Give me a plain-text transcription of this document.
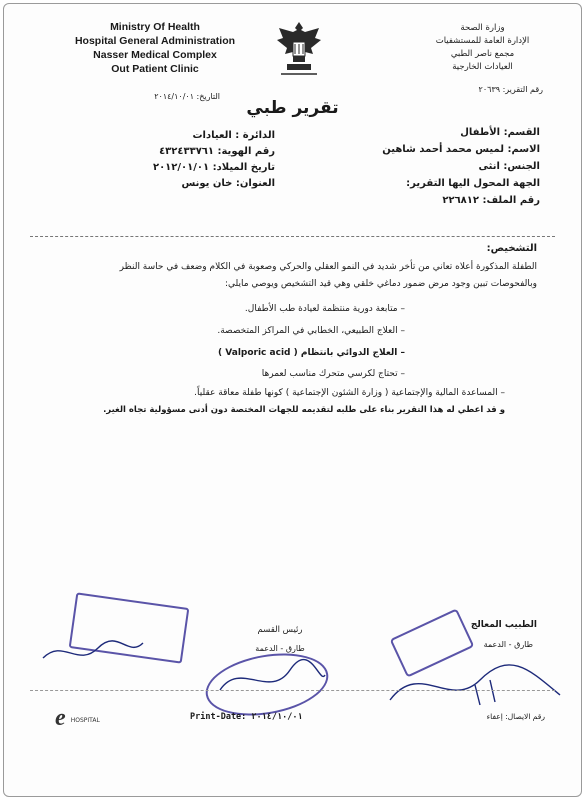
Ministry Of Health
Hospital General Administration
Nasser Medical Complex
Out Patient Clinic
وزارة الصحة
الإدارة العامة للمستشفيات
مجمع ناصر الطبي
العيادات الخارجية
رقم التقرير: ٢٠٦٣٩
التاريخ: ٢٠١٤/١٠/٠١
تقرير طبي
الدائرة : العيادات
رقم الهوية: ٤٣٢٤٣٣٧٦١
تاريخ الميلاد: ٢٠١٢/٠١/٠١
العنوان: خان يونس
القسم: الأطفال
الاسم: لميس محمد أحمد شاهين
الجنس: انثى
الجهة المحول اليها التقرير:
رقم الملف: ٢٢٦٨١٢
التشخيص:
الطفلة المذكورة أعلاه تعاني من تأخر شديد في النمو العقلي والحركي وصعوبة في الكلام وضعف في حاسة النظر
وبالفحوصات تبين وجود مرض ضمور دماغي خلقي وهي قيد التشخيص ويوصي مايلي:
– متابعة دورية منتظمة لعيادة طب الأطفال.
– العلاج الطبيعي، الخطابي في المراكز المتخصصة.
– العلاج الدوائي بانتظام ( Valporic acid )
– تحتاج لكرسي متحرك مناسب لعمرها
– المساعدة المالية والإجتماعية ( وزارة الشئون الإجتماعية ) كونها طفلة معاقة عقلياً.
و قد اعطي له هذا التقرير بناء على طلبه لتقديمه للجهات المختصة دون أدنى مسؤولية تجاه الغير.
الطبيب المعالج
طارق - الدعمة
رئيس القسم
طارق - الدعمة
e HOSPITAL	Print-Date: ٢٠١٤/١٠/٠١	رقم الايصال: إعفاء
